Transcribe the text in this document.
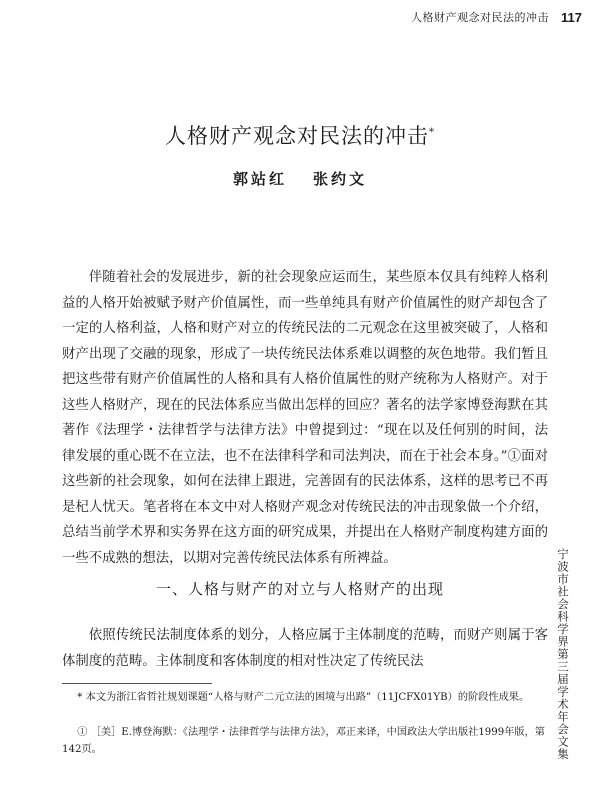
人格财产观念对民法的冲击 117
人格财产观念对民法的冲击*
郭站红 张约文

伴随着社会的发展进步，新的社会现象应运而生，某些原本仅具有纯粹人格利益的人格开始被赋予财产价值属性，而一些单纯具有财产价值属性的财产却包含了一定的人格利益，人格和财产对立的传统民法的二元观念在这里被突破了，人格和财产出现了交融的现象，形成了一块传统民法体系难以调整的灰色地带。我们暂且把这些带有财产价值属性的人格和具有人格价值属性的财产统称为人格财产。对于这些人格财产，现在的民法体系应当做出怎样的回应？著名的法学家博登海默在其著作《法理学・法律哲学与法律方法》中曾提到过：“现在以及任何别的时间，法律发展的重心既不在立法，也不在法律科学和司法判决，而在于社会本身。”①面对这些新的社会现象，如何在法律上跟进，完善固有的民法体系，这样的思考已不再是杞人忧天。笔者将在本文中对人格财产观念对传统民法的冲击现象做一个介绍，总结当前学术界和实务界在这方面的研究成果，并提出在人格财产制度构建方面的一些不成熟的想法，以期对完善传统民法体系有所裨益。

一、人格与财产的对立与人格财产的出现

依照传统民法制度体系的划分，人格应属于主体制度的范畴，而财产则属于客体制度的范畴。主体制度和客体制度的相对性决定了传统民法

* 本文为浙江省哲社规划课题“人格与财产二元立法的困境与出路”（11JCFX01YB）的阶段性成果。

① ［美］E.博登海默：《法理学・法律哲学与法律方法》，邓正来译，中国政法大学出版社1999年版，第142页。	宁波市社会科学界第三届学术年会文集
